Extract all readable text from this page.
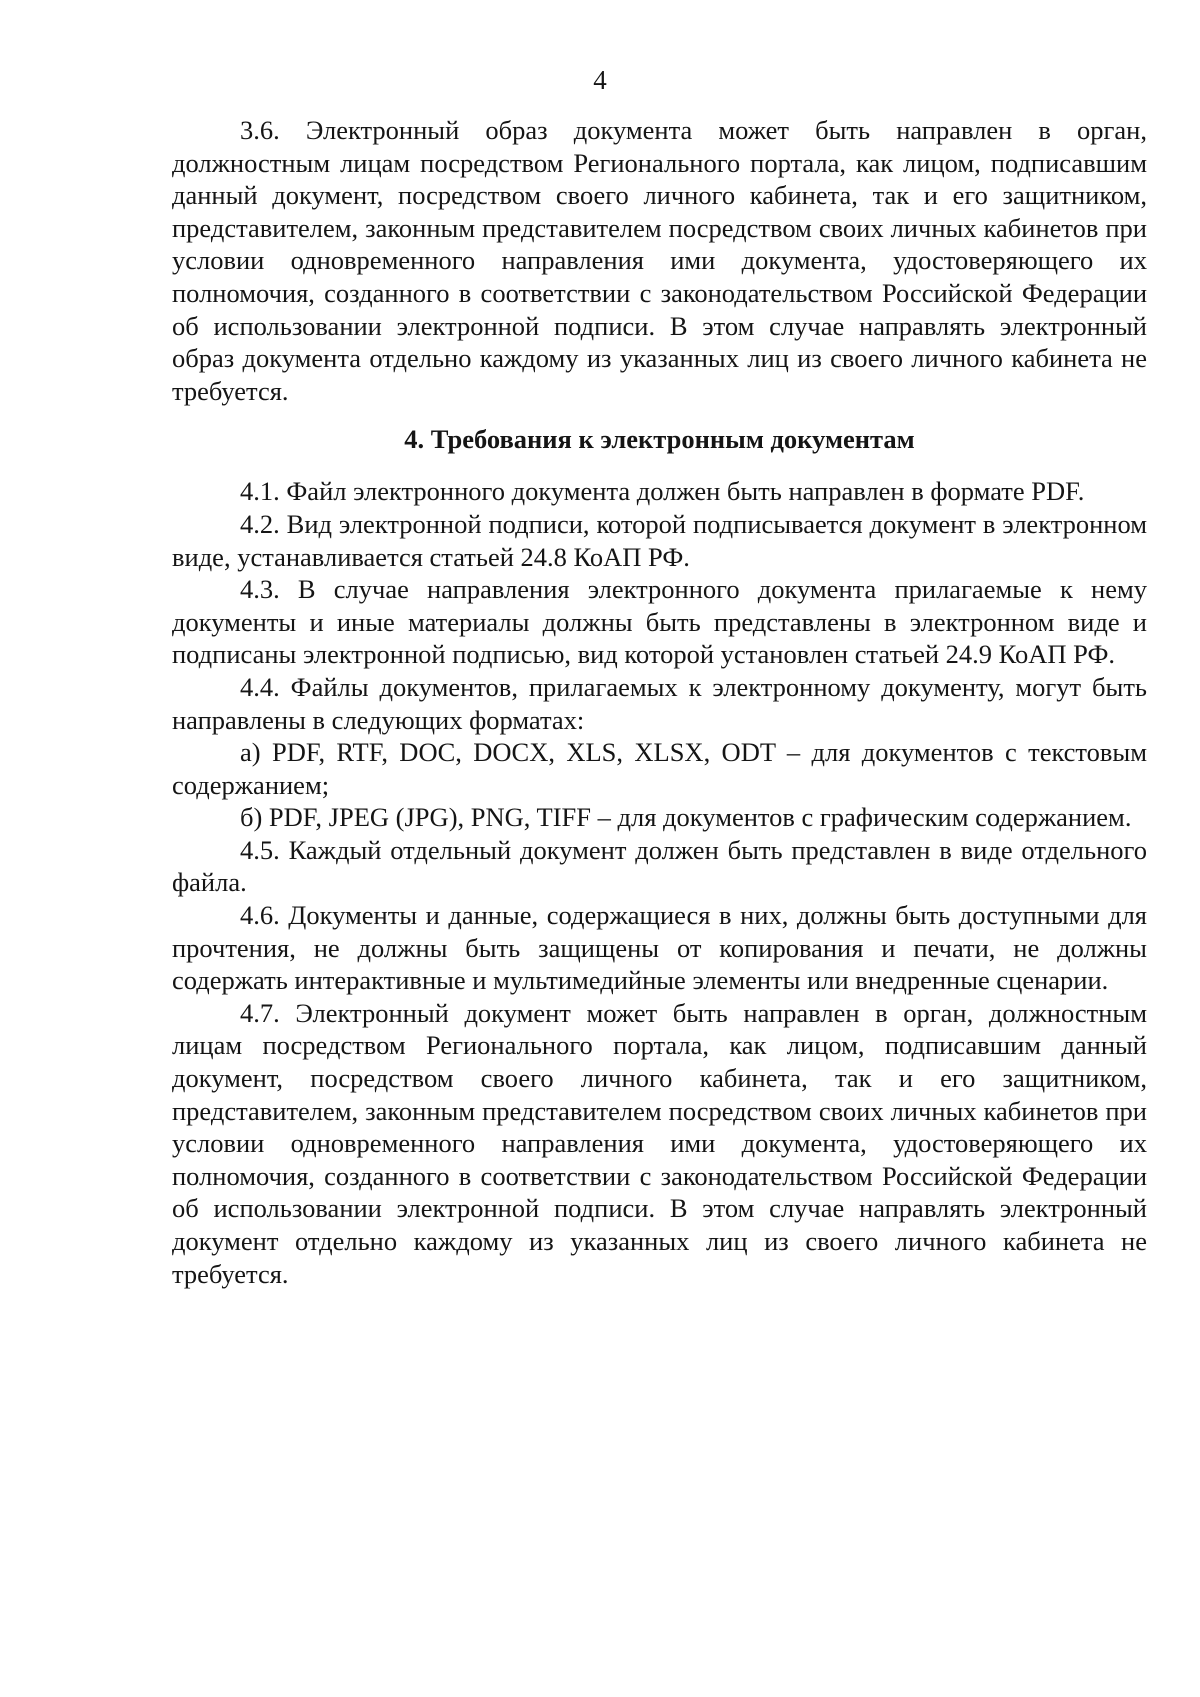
4

3.6. Электронный образ документа может быть направлен в орган, должностным лицам посредством Регионального портала, как лицом, подписавшим данный документ, посредством своего личного кабинета, так и его защитником, представителем, законным представителем посредством своих личных кабинетов при условии одновременного направления ими документа, удостоверяющего их полномочия, созданного в соответствии с законодательством Российской Федерации об использовании электронной подписи. В этом случае направлять электронный образ документа отдельно каждому из указанных лиц из своего личного кабинета не требуется.

4. Требования к электронным документам

4.1. Файл электронного документа должен быть направлен в формате PDF.

4.2. Вид электронной подписи, которой подписывается документ в электронном виде, устанавливается статьей 24.8 КоАП РФ.

4.3. В случае направления электронного документа прилагаемые к нему документы и иные материалы должны быть представлены в электронном виде и подписаны электронной подписью, вид которой установлен статьей 24.9 КоАП РФ.

4.4. Файлы документов, прилагаемых к электронному документу, могут быть направлены в следующих форматах:

а) PDF, RTF, DOC, DOCX, XLS, XLSX, ODT – для документов с текстовым содержанием;

б) PDF, JPEG (JPG), PNG, TIFF – для документов с графическим содержанием.

4.5. Каждый отдельный документ должен быть представлен в виде отдельного файла.

4.6. Документы и данные, содержащиеся в них, должны быть доступными для прочтения, не должны быть защищены от копирования и печати, не должны содержать интерактивные и мультимедийные элементы или внедренные сценарии.

4.7. Электронный документ может быть направлен в орган, должностным лицам посредством Регионального портала, как лицом, подписавшим данный документ, посредством своего личного кабинета, так и его защитником, представителем, законным представителем посредством своих личных кабинетов при условии одновременного направления ими документа, удостоверяющего их полномочия, созданного в соответствии с законодательством Российской Федерации об использовании электронной подписи. В этом случае направлять электронный документ отдельно каждому из указанных лиц из своего личного кабинета не требуется.
